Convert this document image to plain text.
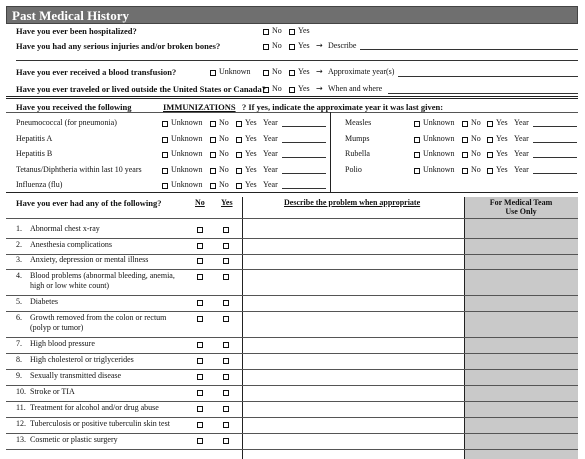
Past Medical History
Have you ever been hospitalized?	No Yes
Have you had any serious injuries and/or broken bones?	No Yes → Describe
Have you ever received a blood transfusion?	Unknown	No Yes → Approximate year(s)
Have you ever traveled or lived outside the United States or Canada? No Yes → When and where
Have you received the following	IMMUNIZATIONS ? If yes, indicate the approximate year it was last given:
Pneumococcal (for pneumonia)	Unknown No Yes Year
Hepatitis A	Unknown No Yes Year
Hepatitis B	Unknown No Yes Year
Tetanus/Diphtheria within last 10 years	Unknown No Yes Year
Influenza (flu)	Unknown No Yes Year
Measles	Unknown No Yes Year
Mumps	Unknown No Yes Year
Rubella	Unknown No Yes Year
Polio	Unknown No Yes Year
Have you ever had any of the following?	No Yes	Describe the problem when appropriate	For Medical Team
Use Only
1. Abnormal chest x-ray
2. Anesthesia complications
3. Anxiety, depression or mental illness
4. Blood problems (abnormal bleeding, anemia,
high or low white count)
5. Diabetes
6. Growth removed from the colon or rectum
(polyp or tumor)
7. High blood pressure
8. High cholesterol or triglycerides
9. Sexually transmitted disease
10. Stroke or TIA
11. Treatment for alcohol and/or drug abuse
12. Tuberculosis or positive tuberculin skin test
13. Cosmetic or plastic surgery
